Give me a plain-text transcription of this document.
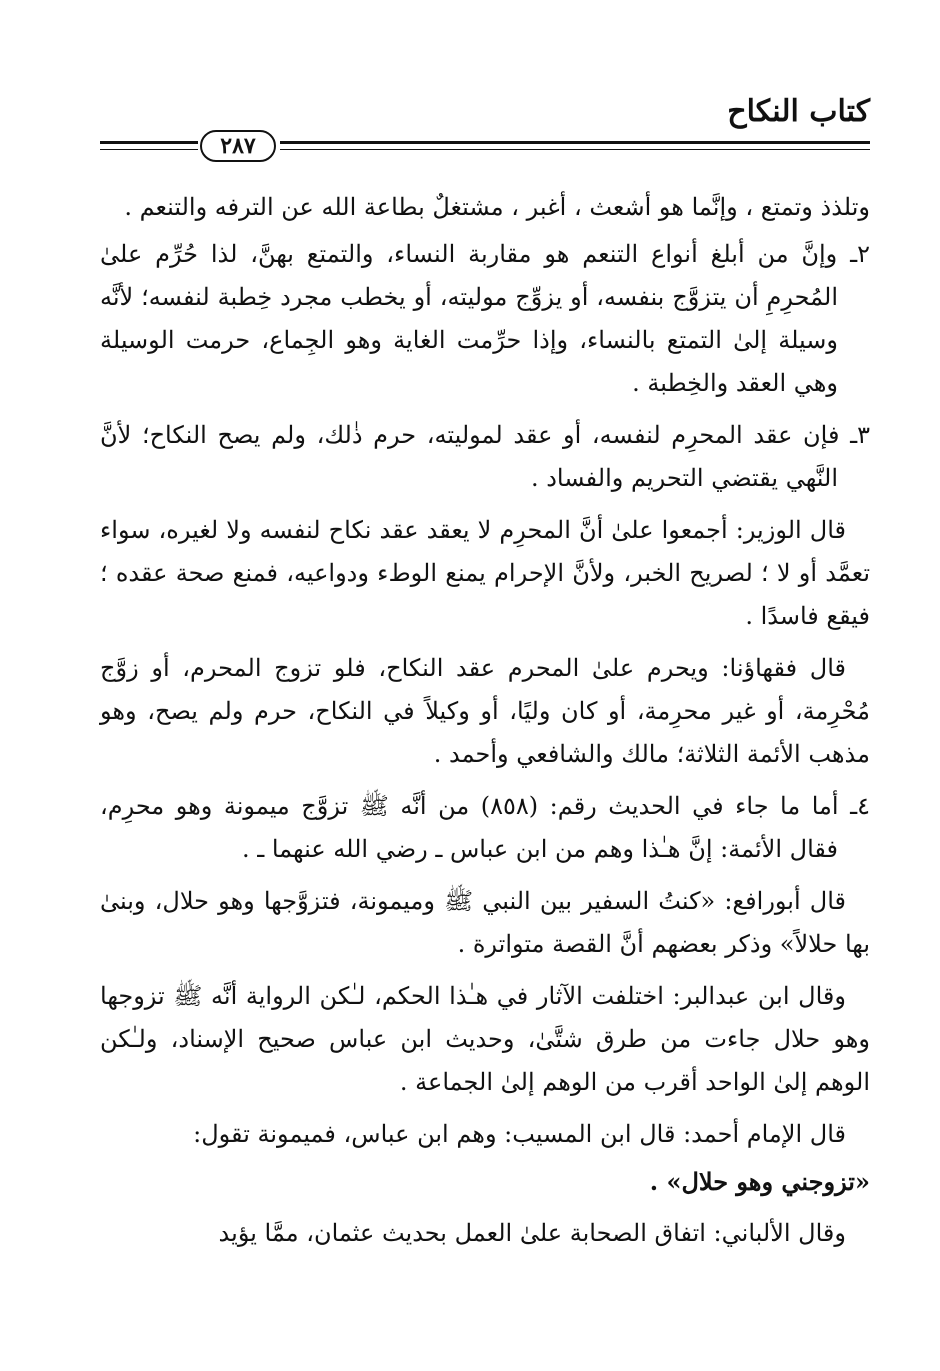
كتاب النكاح
٢٨٧

وتلذذ وتمتع ، وإنَّما هو أشعث ، أغبر ، مشتغلٌ بطاعة الله عن الترفه والتنعم .

٢ـ وإنَّ من أبلغ أنواع التنعم هو مقاربة النساء، والتمتع بهنَّ، لذا حُرِّم علىٰ المُحرِمِ أن يتزوَّج بنفسه، أو يزوِّج موليته، أو يخطب مجرد خِطبة لنفسه؛ لأنَّه وسيلة إلىٰ التمتع بالنساء، وإذا حرِّمت الغاية وهو الجِماع، حرمت الوسيلة وهي العقد والخِطبة .

٣ـ فإن عقد المحرِم لنفسه، أو عقد لموليته، حرم ذٰلك، ولم يصح النكاح؛ لأنَّ النَّهي يقتضي التحريم والفساد .

قال الوزير: أجمعوا علىٰ أنَّ المحرِم لا يعقد عقد نكاح لنفسه ولا لغيره، سواء تعمَّد أو لا ؛ لصريح الخبر، ولأنَّ الإحرام يمنع الوطء ودواعيه، فمنع صحة عقده ؛ فيقع فاسدًا .

قال فقهاؤنا: ويحرم علىٰ المحرم عقد النكاح، فلو تزوج المحرم، أو زوَّج مُحْرِمة، أو غير محرِمة، أو كان وليًا، أو وكيلاً في النكاح، حرم ولم يصح، وهو مذهب الأئمة الثلاثة؛ مالك والشافعي وأحمد .

٤ـ أما ما جاء في الحديث رقم: (٨٥٨) من أنَّه ﷺ تزوَّج ميمونة وهو محرِم، فقال الأئمة: إنَّ هـٰذا وهم من ابن عباس ـ رضي الله عنهما ـ .

قال أبورافع: «كنتُ السفير بين النبي ﷺ وميمونة، فتزوَّجها وهو حلال، وبنىٰ بها حلالاً» وذكر بعضهم أنَّ القصة متواترة .

وقال ابن عبدالبر: اختلفت الآثار في هـٰذا الحكم، لـٰكن الرواية أنَّه ﷺ تزوجها وهو حلال جاءت من طرق شتَّىٰ، وحديث ابن عباس صحيح الإسناد، ولـٰكن الوهم إلىٰ الواحد أقرب من الوهم إلىٰ الجماعة .

قال الإمام أحمد: قال ابن المسيب: وهم ابن عباس، فميمونة تقول:

«تزوجني وهو حلال» .

وقال الألباني: اتفاق الصحابة علىٰ العمل بحديث عثمان، ممَّا يؤيد
